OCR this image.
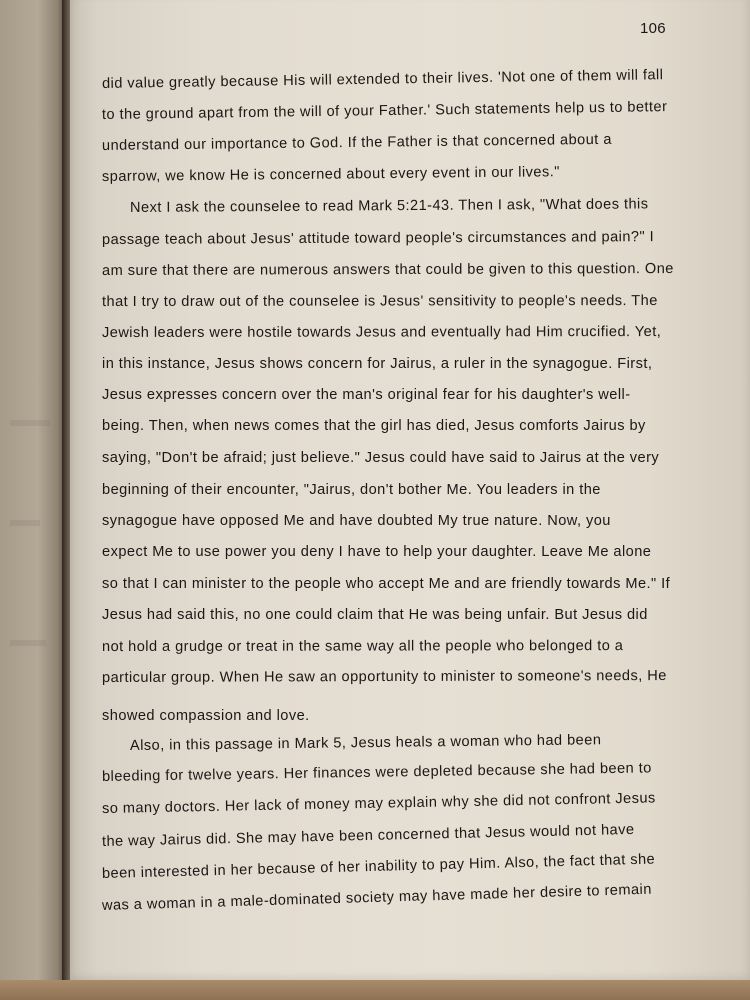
106
did value greatly because His will extended to their lives. 'Not one of them will fall
to the ground apart from the will of your Father.' Such statements help us to better
understand our importance to God. If the Father is that concerned about a
sparrow, we know He is concerned about every event in our lives."
Next I ask the counselee to read Mark 5:21-43. Then I ask, "What does this
passage teach about Jesus' attitude toward people's circumstances and pain?" I
am sure that there are numerous answers that could be given to this question. One
that I try to draw out of the counselee is Jesus' sensitivity to people's needs. The
Jewish leaders were hostile towards Jesus and eventually had Him crucified. Yet,
in this instance, Jesus shows concern for Jairus, a ruler in the synagogue. First,
Jesus expresses concern over the man's original fear for his daughter's well-
being. Then, when news comes that the girl has died, Jesus comforts Jairus by
saying, "Don't be afraid; just believe." Jesus could have said to Jairus at the very
beginning of their encounter, "Jairus, don't bother Me. You leaders in the
synagogue have opposed Me and have doubted My true nature. Now, you
expect Me to use power you deny I have to help your daughter. Leave Me alone
so that I can minister to the people who accept Me and are friendly towards Me." If
Jesus had said this, no one could claim that He was being unfair. But Jesus did
not hold a grudge or treat in the same way all the people who belonged to a
particular group. When He saw an opportunity to minister to someone's needs, He
showed compassion and love.
Also, in this passage in Mark 5, Jesus heals a woman who had been
bleeding for twelve years. Her finances were depleted because she had been to
so many doctors. Her lack of money may explain why she did not confront Jesus
the way Jairus did. She may have been concerned that Jesus would not have
been interested in her because of her inability to pay Him. Also, the fact that she
was a woman in a male-dominated society may have made her desire to remain
